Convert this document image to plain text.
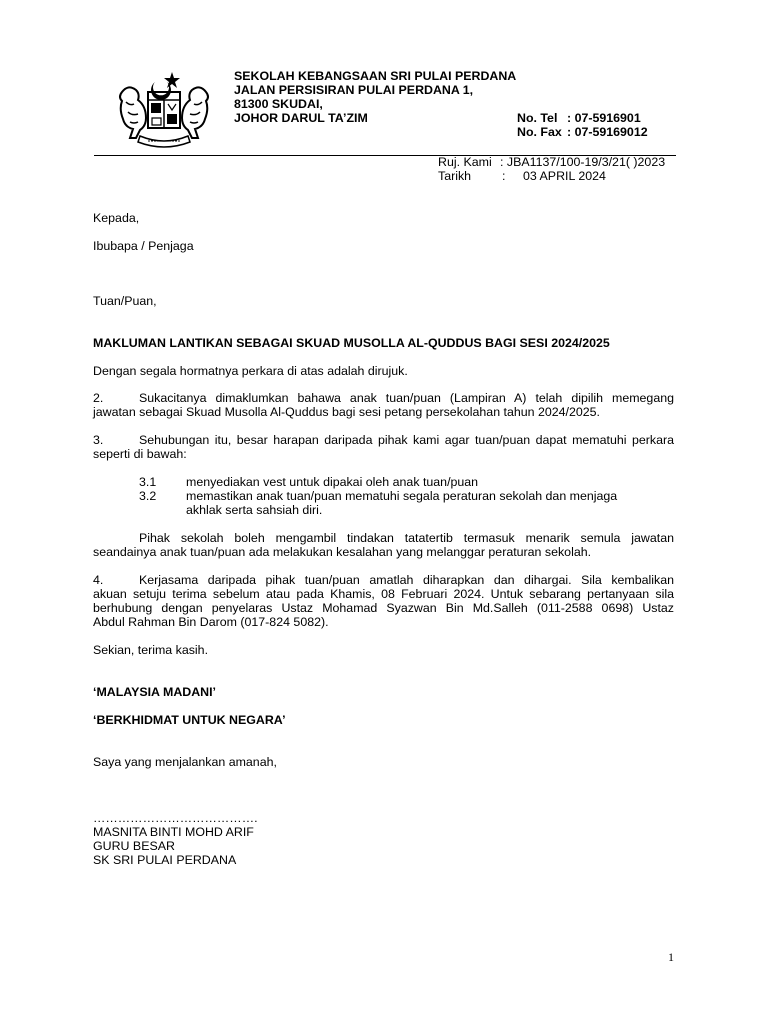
SEKOLAH KEBANGSAAN SRI PULAI PERDANA
JALAN PERSISIRAN PULAI PERDANA 1,
81300 SKUDAI,
JOHOR DARUL TA’ZIM	No. Tel : 07-5916901
No. Fax : 07-59169012
Ruj. Kami : JBA1137/100-19/3/21( )2023
Tarikh : 03 APRIL 2024
Kepada,
Ibubapa / Penjaga
Tuan/Puan,
MAKLUMAN LANTIKAN SEBAGAI SKUAD MUSOLLA AL-QUDDUS BAGI SESI 2024/2025
Dengan segala hormatnya perkara di atas adalah dirujuk.
2.	Sukacitanya dimaklumkan bahawa anak tuan/puan (Lampiran A) telah dipilih memegang
jawatan sebagai Skuad Musolla Al-Quddus bagi sesi petang persekolahan tahun 2024/2025.
3.	Sehubungan itu, besar harapan daripada pihak kami agar tuan/puan dapat mematuhi perkara
seperti di bawah:
3.1 menyediakan vest untuk dipakai oleh anak tuan/puan
3.2 memastikan anak tuan/puan mematuhi segala peraturan sekolah dan menjaga
akhlak serta sahsiah diri.
Pihak sekolah boleh mengambil tindakan tatatertib termasuk menarik semula jawatan
seandainya anak tuan/puan ada melakukan kesalahan yang melanggar peraturan sekolah.
4.	Kerjasama daripada pihak tuan/puan amatlah diharapkan dan dihargai. Sila kembalikan
akuan setuju terima sebelum atau pada Khamis, 08 Februari 2024. Untuk sebarang pertanyaan sila
berhubung dengan penyelaras Ustaz Mohamad Syazwan Bin Md.Salleh (011-2588 0698) Ustaz
Abdul Rahman Bin Darom (017-824 5082).
Sekian, terima kasih.
‘MALAYSIA MADANI’
‘BERKHIDMAT UNTUK NEGARA’
Saya yang menjalankan amanah,
………………………………….
MASNITA BINTI MOHD ARIF
GURU BESAR
SK SRI PULAI PERDANA
1
